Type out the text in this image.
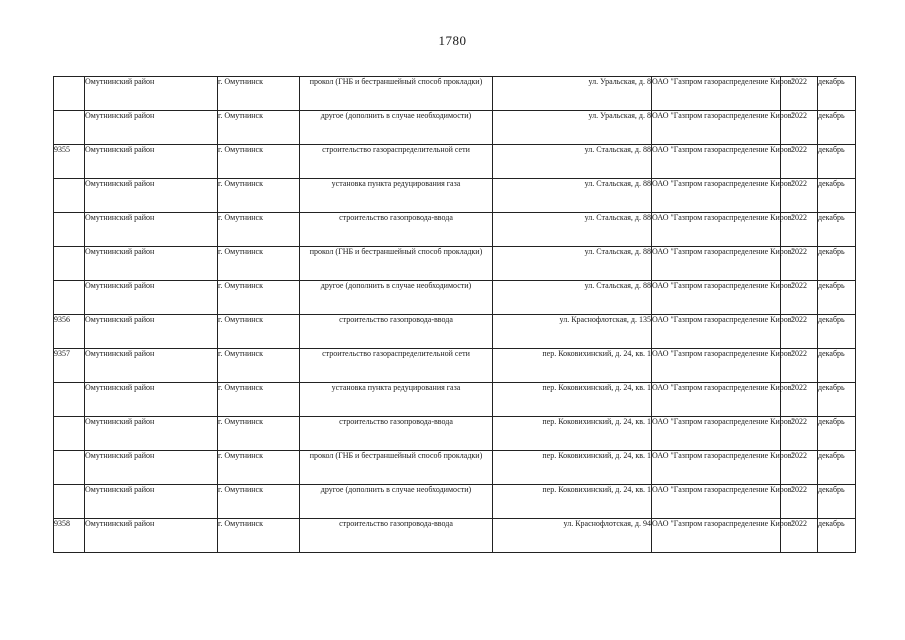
1780
	Омутнинский район	г. Омутнинск	прокол (ГНБ и бестраншейный способ прокладки)	ул. Уральская, д. 8	ОАО "Газпром газораспределение Киров"	2022	декабрь
	Омутнинский район	г. Омутнинск	другое (дополнить в случае необходимости)	ул. Уральская, д. 8	ОАО "Газпром газораспределение Киров"	2022	декабрь
9355	Омутнинский район	г. Омутнинск	строительство газораспределительной сети	ул. Стальская, д. 88	ОАО "Газпром газораспределение Киров"	2022	декабрь
	Омутнинский район	г. Омутнинск	установка пункта редуцирования газа	ул. Стальская, д. 88	ОАО "Газпром газораспределение Киров"	2022	декабрь
	Омутнинский район	г. Омутнинск	строительство газопровода-ввода	ул. Стальская, д. 88	ОАО "Газпром газораспределение Киров"	2022	декабрь
	Омутнинский район	г. Омутнинск	прокол (ГНБ и бестраншейный способ прокладки)	ул. Стальская, д. 88	ОАО "Газпром газораспределение Киров"	2022	декабрь
	Омутнинский район	г. Омутнинск	другое (дополнить в случае необходимости)	ул. Стальская, д. 88	ОАО "Газпром газораспределение Киров"	2022	декабрь
9356	Омутнинский район	г. Омутнинск	строительство газопровода-ввода	ул. Краснофлотская, д. 135	ОАО "Газпром газораспределение Киров"	2022	декабрь
9357	Омутнинский район	г. Омутнинск	строительство газораспределительной сети	пер. Коковихинский, д. 24, кв. 1	ОАО "Газпром газораспределение Киров"	2022	декабрь
	Омутнинский район	г. Омутнинск	установка пункта редуцирования газа	пер. Коковихинский, д. 24, кв. 1	ОАО "Газпром газораспределение Киров"	2022	декабрь
	Омутнинский район	г. Омутнинск	строительство газопровода-ввода	пер. Коковихинский, д. 24, кв. 1	ОАО "Газпром газораспределение Киров"	2022	декабрь
	Омутнинский район	г. Омутнинск	прокол (ГНБ и бестраншейный способ прокладки)	пер. Коковихинский, д. 24, кв. 1	ОАО "Газпром газораспределение Киров"	2022	декабрь
	Омутнинский район	г. Омутнинск	другое (дополнить в случае необходимости)	пер. Коковихинский, д. 24, кв. 1	ОАО "Газпром газораспределение Киров"	2022	декабрь
9358	Омутнинский район	г. Омутнинск	строительство газопровода-ввода	ул. Краснофлотская, д. 94	ОАО "Газпром газораспределение Киров"	2022	декабрь
